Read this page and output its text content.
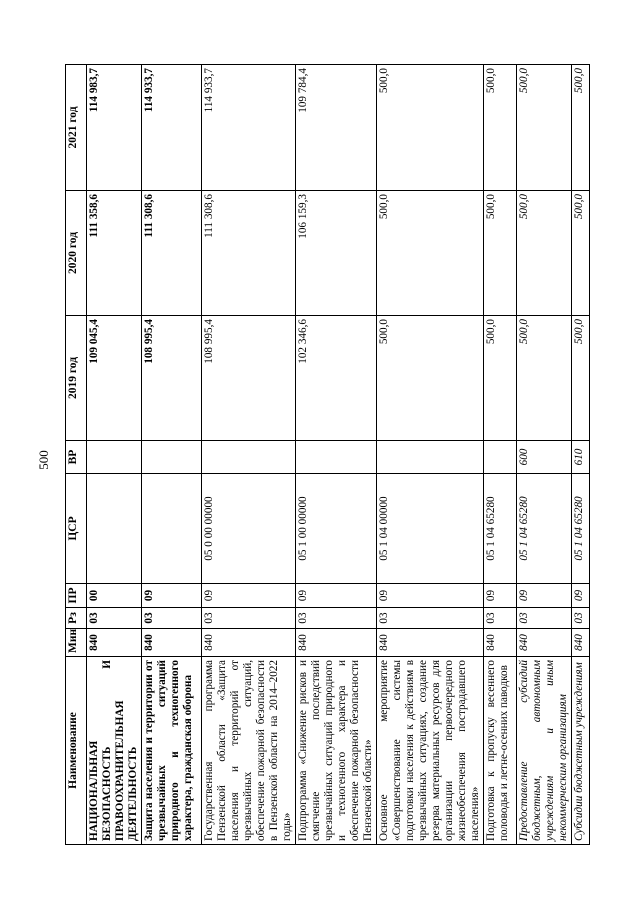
500
Наименование	Мин	Рз	ПР	ЦСР	ВР	2019 год	2020 год	2021 год
НАЦИОНАЛЬНАЯ БЕЗОПАСНОСТЬ И ПРАВООХРАНИТЕЛЬНАЯ ДЕЯТЕЛЬНОСТЬ	840	03	00			109 045,4	111 358,6	114 983,7
Защита населения и территории от чрезвычайных ситуаций природного и техногенного характера, гражданская оборона	840	03	09			108 995,4	111 308,6	114 933,7
Государственная программа Пензенской области «Защита населения и территорий от чрезвычайных ситуаций, обеспечение пожарной безопасности в Пензенской области на 2014–2022 годы»	840	03	09	05 0 00 00000		108 995,4	111 308,6	114 933,7
Подпрограмма «Снижение рисков и смягчение последствий чрезвычайных ситуаций природного и техногенного характера и обеспечение пожарной безопасности Пензенской области»	840	03	09	05 1 00 00000		102 346,6	106 159,3	109 784,4
Основное мероприятие «Совершенствование системы подготовки населения к действиям в чрезвычайных ситуациях, создание резерва материальных ресурсов для организации первоочередного жизнеобеспечения пострадавшего населения»	840	03	09	05 1 04 00000		500,0	500,0	500,0
Подготовка к пропуску весеннего половодья и летне-осенних паводков	840	03	09	05 1 04 65280		500,0	500,0	500,0
Предоставление субсидий бюджетным, автономным учреждениям и иным некоммерческим организациям	840	03	09	05 1 04 65280	600	500,0	500,0	500,0
Субсидии бюджетным учреждениям	840	03	09	05 1 04 65280	610	500,0	500,0	500,0
